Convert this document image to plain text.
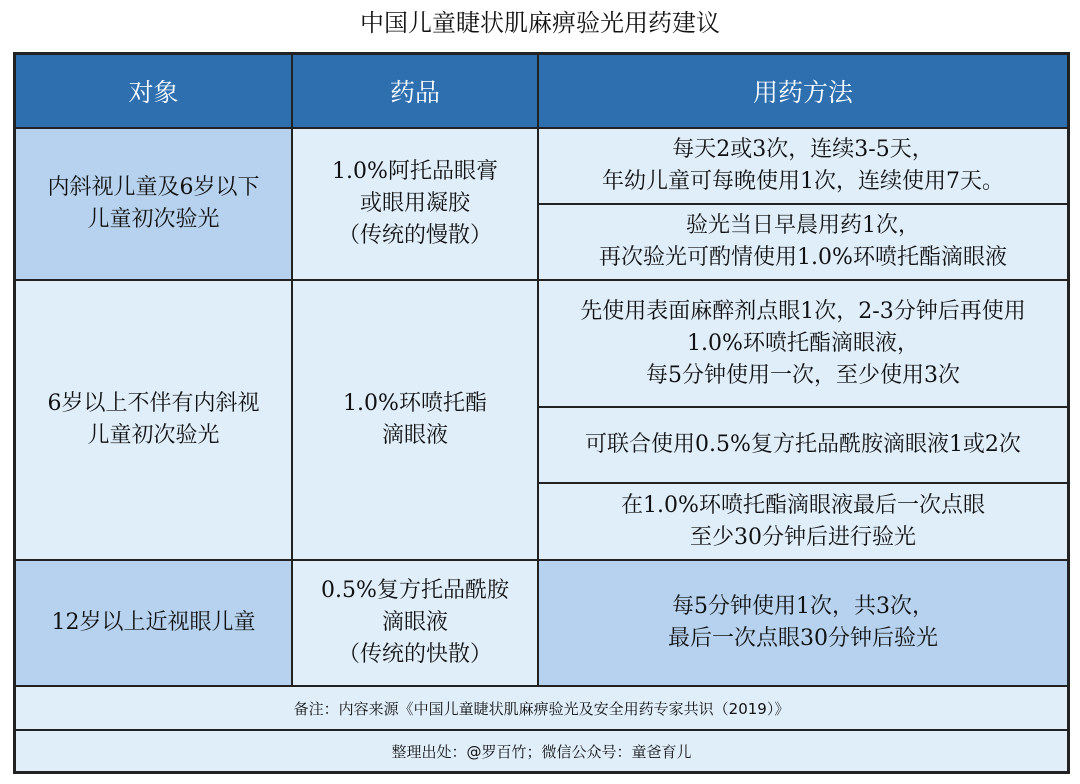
中国儿童睫状肌麻痹验光用药建议
对象	药品	用药方法
内斜视儿童及6岁以下
儿童初次验光
1.0%阿托品眼膏
或眼用凝胶
（传统的慢散）
每天2或3次，连续3-5天，
年幼儿童可每晚使用1次，连续使用7天。
验光当日早晨用药1次，
再次验光可酌情使用1.0%环喷托酯滴眼液
6岁以上不伴有内斜视
儿童初次验光
1.0%环喷托酯
滴眼液
先使用表面麻醉剂点眼1次，2-3分钟后再使用
1.0%环喷托酯滴眼液，
每5分钟使用一次，至少使用3次
可联合使用0.5%复方托品酰胺滴眼液1或2次
在1.0%环喷托酯滴眼液最后一次点眼
至少30分钟后进行验光
12岁以上近视眼儿童
0.5%复方托品酰胺
滴眼液
（传统的快散）
每5分钟使用1次，共3次，
最后一次点眼30分钟后验光
备注：内容来源《中国儿童睫状肌麻痹验光及安全用药专家共识（2019）》
整理出处：@罗百竹；微信公众号：童爸育儿
